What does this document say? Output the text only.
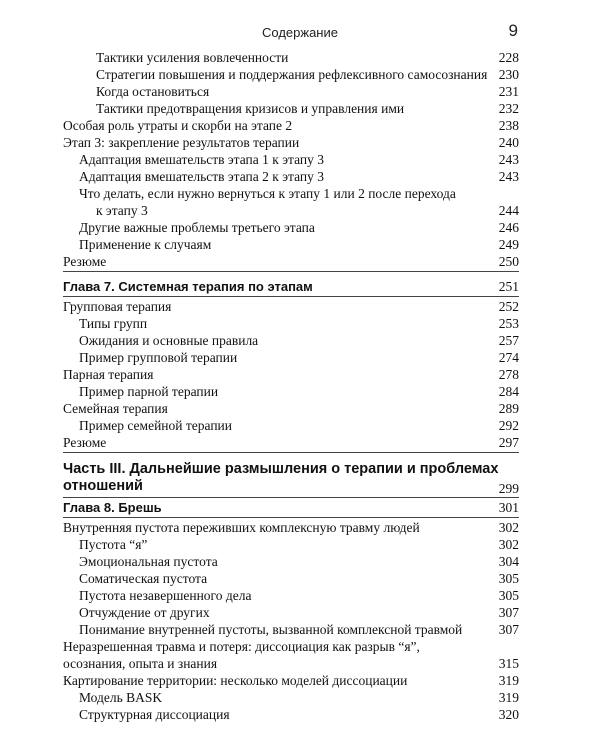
Содержание	9
Тактики усиления вовлеченности	228
Стратегии повышения и поддержания рефлексивного самосознания 230
Когда остановиться	231
Тактики предотвращения кризисов и управления ими	232
Особая роль утраты и скорби на этапе 2	238
Этап 3: закрепление результатов терапии	240
Адаптация вмешательств этапа 1 к этапу 3	243
Адаптация вмешательств этапа 2 к этапу 3	243
Что делать, если нужно вернуться к этапу 1 или 2 после перехода
к этапу 3	244
Другие важные проблемы третьего этапа	246
Применение к случаям	249
Резюме	250
Глава 7. Системная терапия по этапам	251
Групповая терапия	252
Типы групп	253
Ожидания и основные правила	257
Пример групповой терапии	274
Парная терапия	278
Пример парной терапии	284
Семейная терапия	289
Пример семейной терапии	292
Резюме	297
Часть III. Дальнейшие размышления о терапии и проблемах
отношений	299
Глава 8. Брешь	301
Внутренняя пустота переживших комплексную травму людей	302
Пустота “я”	302
Эмоциональная пустота	304
Соматическая пустота	305
Пустота незавершенного дела	305
Отчуждение от других	307
Понимание внутренней пустоты, вызванной комплексной травмой	307
Неразрешенная травма и потеря: диссоциация как разрыв “я”,
осознания, опыта и знания	315
Картирование территории: несколько моделей диссоциации	319
Модель BASK	319
Структурная диссоциация	320
